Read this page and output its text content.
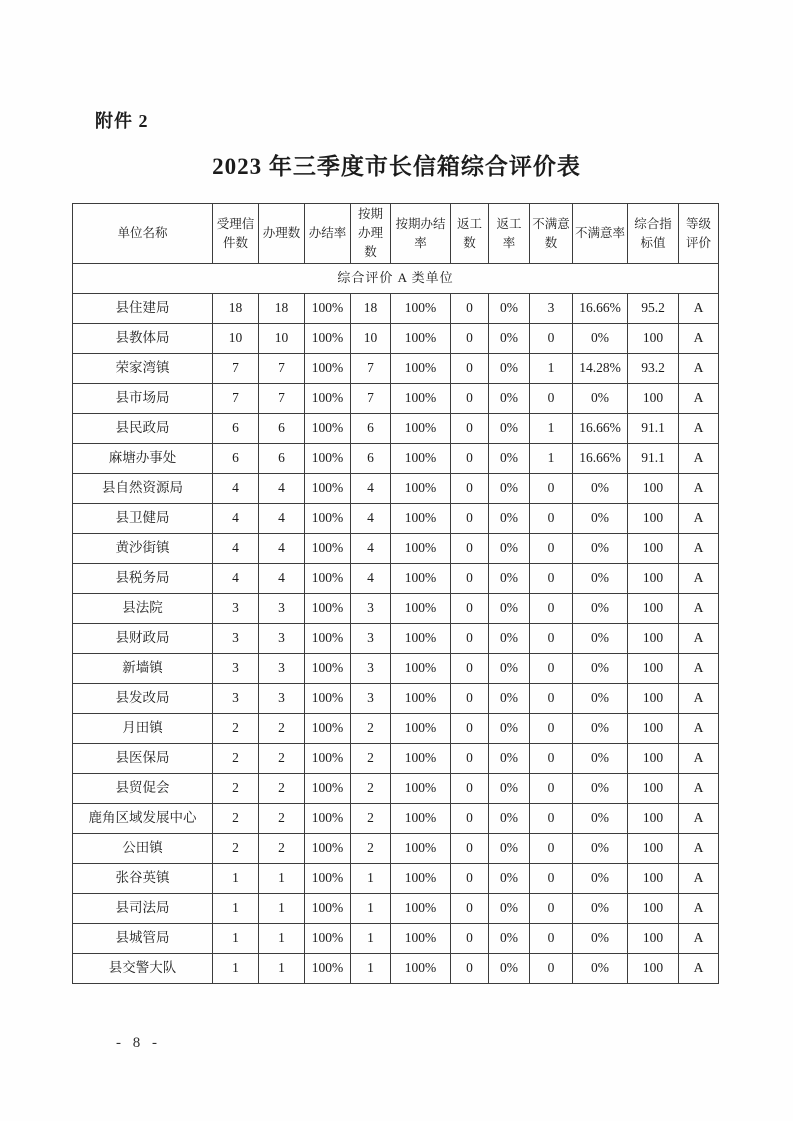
附件 2
2023 年三季度市长信箱综合评价表
单位名称	受理信件数	办理数	办结率	按期办理数	按期办结率	返工数	返工率	不满意数	不满意率	综合指标值	等级评价
综合评价 A 类单位											
县住建局	18	18	100%	18	100%	0	0%	3	16.66%	95.2	A
县教体局	10	10	100%	10	100%	0	0%	0	0%	100	A
荣家湾镇	7	7	100%	7	100%	0	0%	1	14.28%	93.2	A
县市场局	7	7	100%	7	100%	0	0%	0	0%	100	A
县民政局	6	6	100%	6	100%	0	0%	1	16.66%	91.1	A
麻塘办事处	6	6	100%	6	100%	0	0%	1	16.66%	91.1	A
县自然资源局	4	4	100%	4	100%	0	0%	0	0%	100	A
县卫健局	4	4	100%	4	100%	0	0%	0	0%	100	A
黄沙街镇	4	4	100%	4	100%	0	0%	0	0%	100	A
县税务局	4	4	100%	4	100%	0	0%	0	0%	100	A
县法院	3	3	100%	3	100%	0	0%	0	0%	100	A
县财政局	3	3	100%	3	100%	0	0%	0	0%	100	A
新墙镇	3	3	100%	3	100%	0	0%	0	0%	100	A
县发改局	3	3	100%	3	100%	0	0%	0	0%	100	A
月田镇	2	2	100%	2	100%	0	0%	0	0%	100	A
县医保局	2	2	100%	2	100%	0	0%	0	0%	100	A
县贸促会	2	2	100%	2	100%	0	0%	0	0%	100	A
鹿角区域发展中心	2	2	100%	2	100%	0	0%	0	0%	100	A
公田镇	2	2	100%	2	100%	0	0%	0	0%	100	A
张谷英镇	1	1	100%	1	100%	0	0%	0	0%	100	A
县司法局	1	1	100%	1	100%	0	0%	0	0%	100	A
县城管局	1	1	100%	1	100%	0	0%	0	0%	100	A
县交警大队	1	1	100%	1	100%	0	0%	0	0%	100	A
- 8 -
